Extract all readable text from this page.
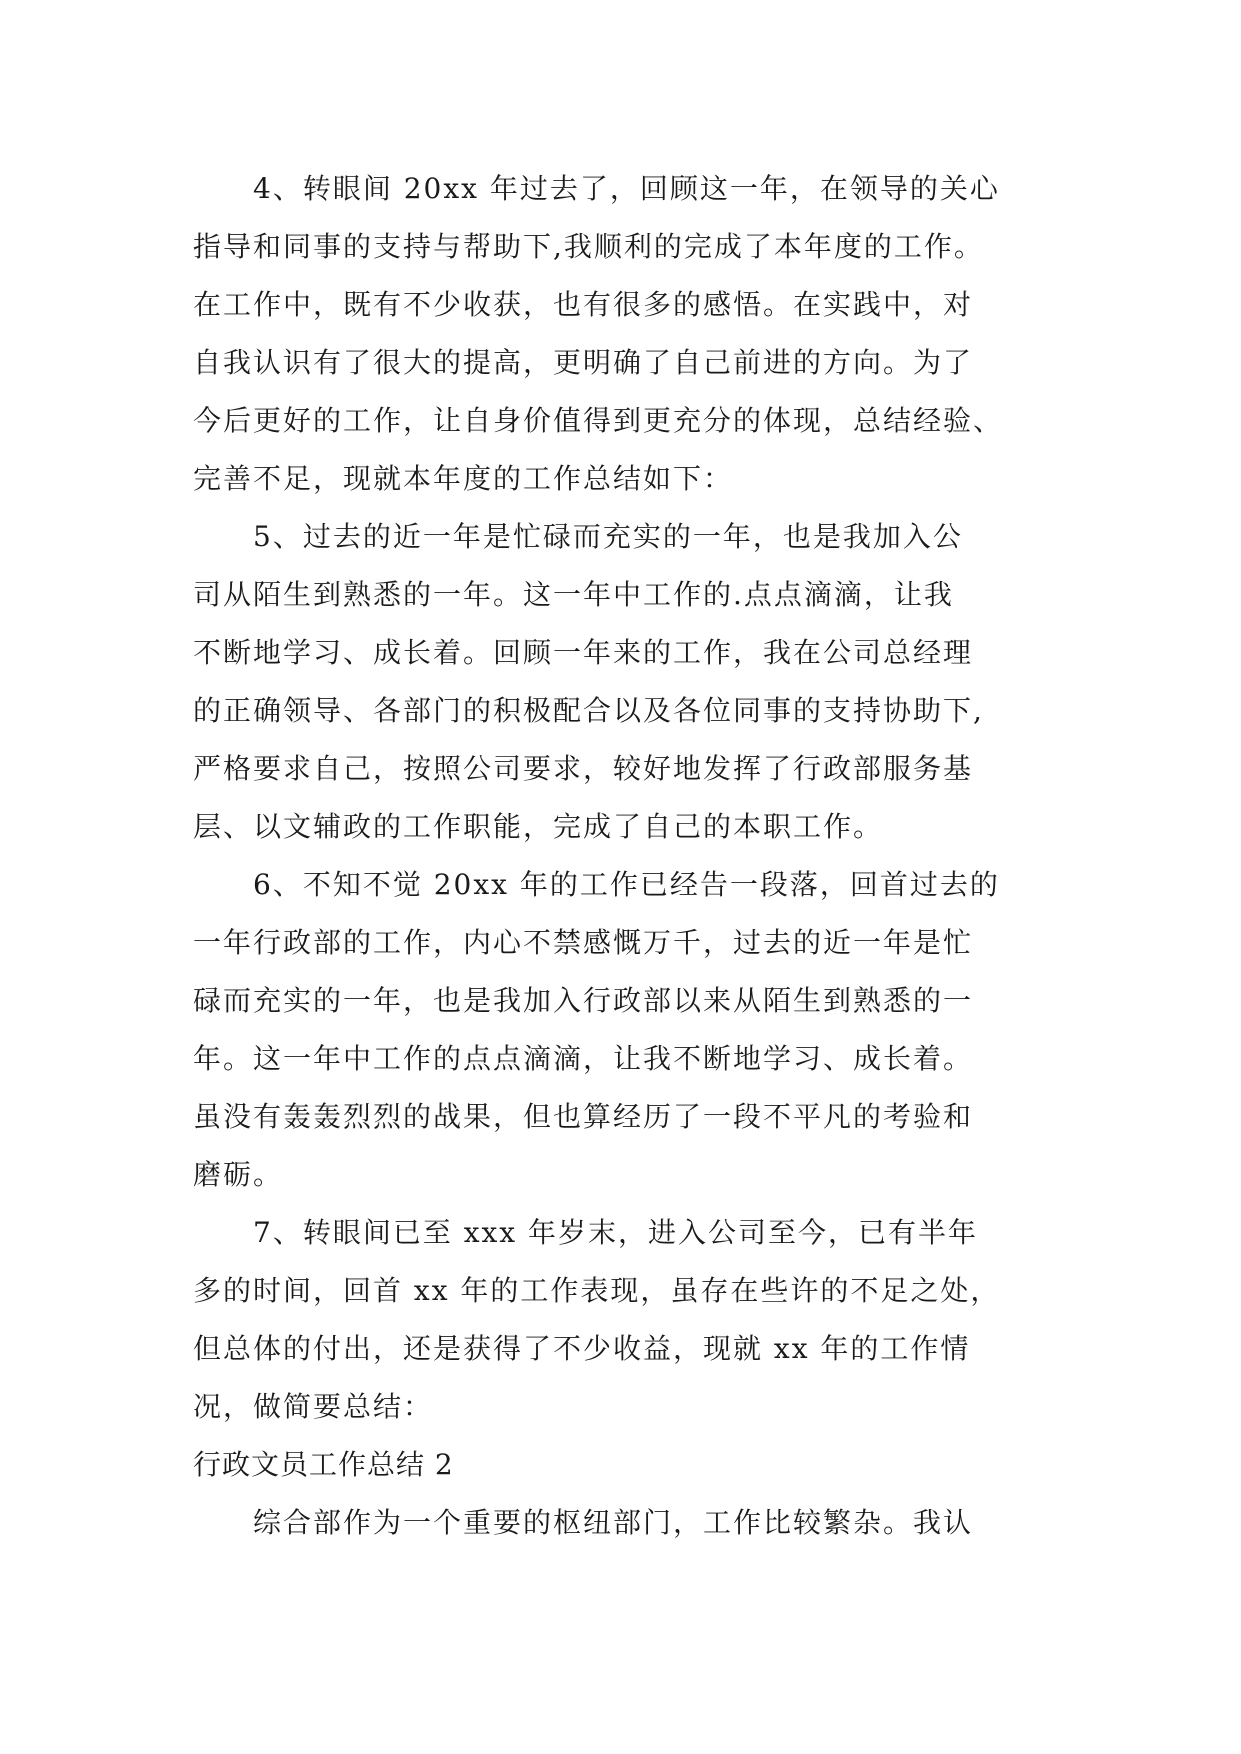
4、转眼间 20xx 年过去了，回顾这一年，在领导的关心
指导和同事的支持与帮助下,我顺利的完成了本年度的工作。
在工作中，既有不少收获，也有很多的感悟。在实践中，对
自我认识有了很大的提高，更明确了自己前进的方向。为了
今后更好的工作，让自身价值得到更充分的体现，总结经验、
完善不足，现就本年度的工作总结如下：
5、过去的近一年是忙碌而充实的一年，也是我加入公
司从陌生到熟悉的一年。这一年中工作的.点点滴滴，让我
不断地学习、成长着。回顾一年来的工作，我在公司总经理
的正确领导、各部门的积极配合以及各位同事的支持协助下,
严格要求自己，按照公司要求，较好地发挥了行政部服务基
层、以文辅政的工作职能，完成了自己的本职工作。
6、不知不觉 20xx 年的工作已经告一段落，回首过去的
一年行政部的工作，内心不禁感慨万千，过去的近一年是忙
碌而充实的一年，也是我加入行政部以来从陌生到熟悉的一
年。这一年中工作的点点滴滴，让我不断地学习、成长着。
虽没有轰轰烈烈的战果，但也算经历了一段不平凡的考验和
磨砺。
7、转眼间已至 xxx 年岁末，进入公司至今，已有半年
多的时间，回首 xx 年的工作表现，虽存在些许的不足之处，
但总体的付出，还是获得了不少收益，现就 xx 年的工作情
况，做简要总结：
行政文员工作总结 2
综合部作为一个重要的枢纽部门，工作比较繁杂。我认
